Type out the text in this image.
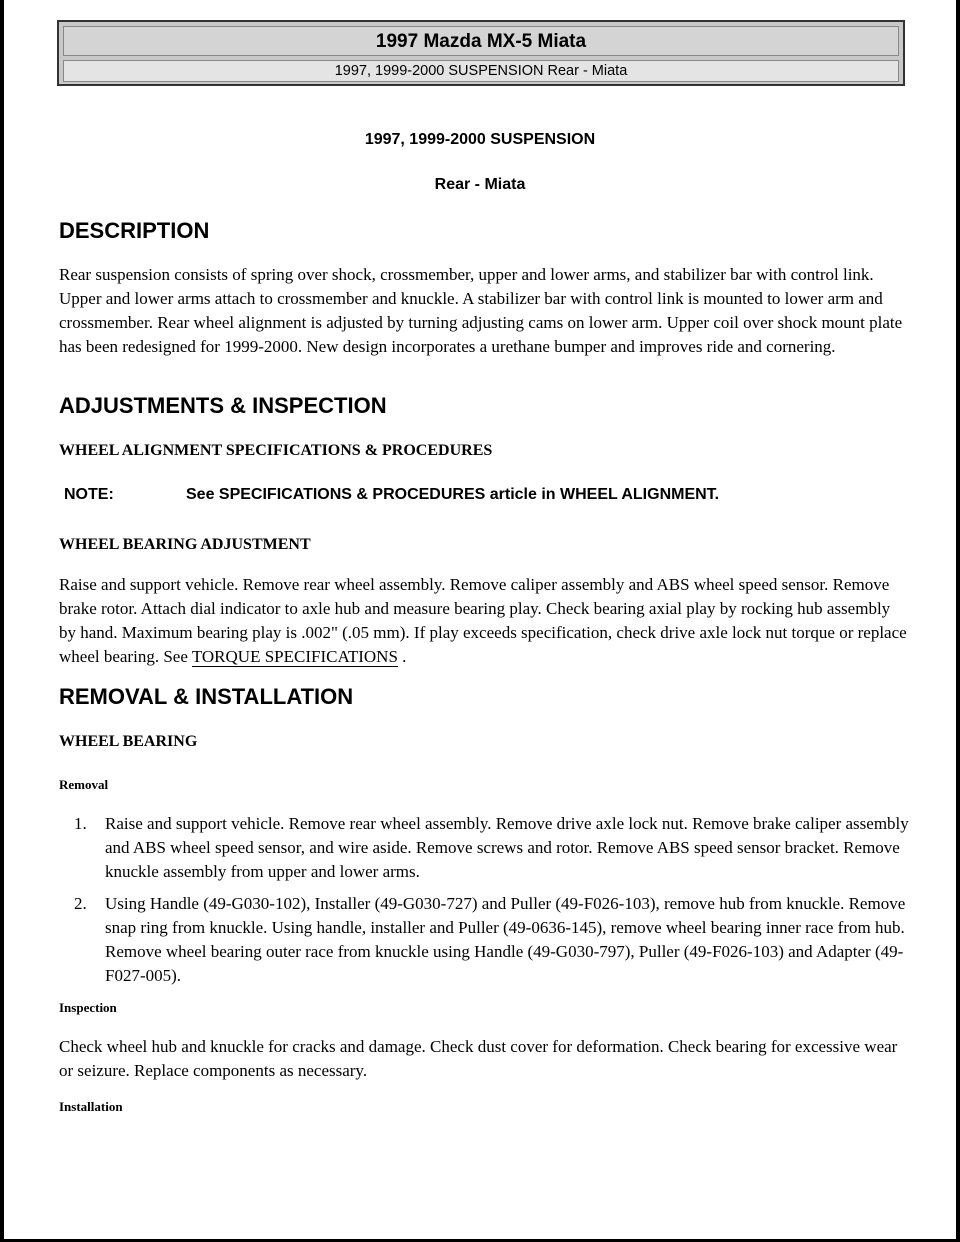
1997 Mazda MX-5 Miata
1997, 1999-2000 SUSPENSION Rear - Miata
1997, 1999-2000 SUSPENSION
Rear - Miata
DESCRIPTION

Rear suspension consists of spring over shock, crossmember, upper and lower arms, and stabilizer bar with control link. Upper and lower arms attach to crossmember and knuckle. A stabilizer bar with control link is mounted to lower arm and crossmember. Rear wheel alignment is adjusted by turning adjusting cams on lower arm. Upper coil over shock mount plate has been redesigned for 1999-2000. New design incorporates a urethane bumper and improves ride and cornering.

ADJUSTMENTS & INSPECTION
WHEEL ALIGNMENT SPECIFICATIONS & PROCEDURES
NOTE:	See SPECIFICATIONS & PROCEDURES article in WHEEL ALIGNMENT.
WHEEL BEARING ADJUSTMENT

Raise and support vehicle. Remove rear wheel assembly. Remove caliper assembly and ABS wheel speed sensor. Remove brake rotor. Attach dial indicator to axle hub and measure bearing play. Check bearing axial play by rocking hub assembly by hand. Maximum bearing play is .002" (.05 mm). If play exceeds specification, check drive axle lock nut torque or replace wheel bearing. See TORQUE SPECIFICATIONS .

REMOVAL & INSTALLATION
WHEEL BEARING
Removal
1. Raise and support vehicle. Remove rear wheel assembly. Remove drive axle lock nut. Remove brake caliper assembly and ABS wheel speed sensor, and wire aside. Remove screws and rotor. Remove ABS speed sensor bracket. Remove knuckle assembly from upper and lower arms.
2. Using Handle (49-G030-102), Installer (49-G030-727) and Puller (49-F026-103), remove hub from knuckle. Remove snap ring from knuckle. Using handle, installer and Puller (49-0636-145), remove wheel bearing inner race from hub. Remove wheel bearing outer race from knuckle using Handle (49-G030-797), Puller (49-F026-103) and Adapter (49-F027-005).
Inspection

Check wheel hub and knuckle for cracks and damage. Check dust cover for deformation. Check bearing for excessive wear or seizure. Replace components as necessary.

Installation
